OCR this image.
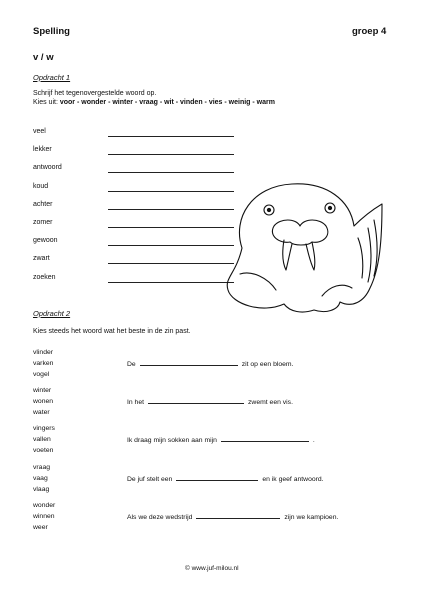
Spelling	groep 4
v / w
Opdracht 1
Schrijf het tegenovergestelde woord op.
Kies uit: voor - wonder - winter - vraag - wit - vinden - vies - weinig - warm
veel
lekker
antwoord
koud
achter
zomer
gewoon
zwart
zoeken
Opdracht 2
Kies steeds het woord wat het beste in de zin past.
vlinder
varken
vogel
De	zit op een bloem.
winter
wonen
water
In het	zwemt een vis.
vingers
vallen
voeten
Ik draag mijn sokken aan mijn	.
vraag
vaag
vlaag
De juf stelt een	en ik geef antwoord.
wonder
winnen
weer
Als we deze wedstrijd	zijn we kampioen.
© www.juf-milou.nl
